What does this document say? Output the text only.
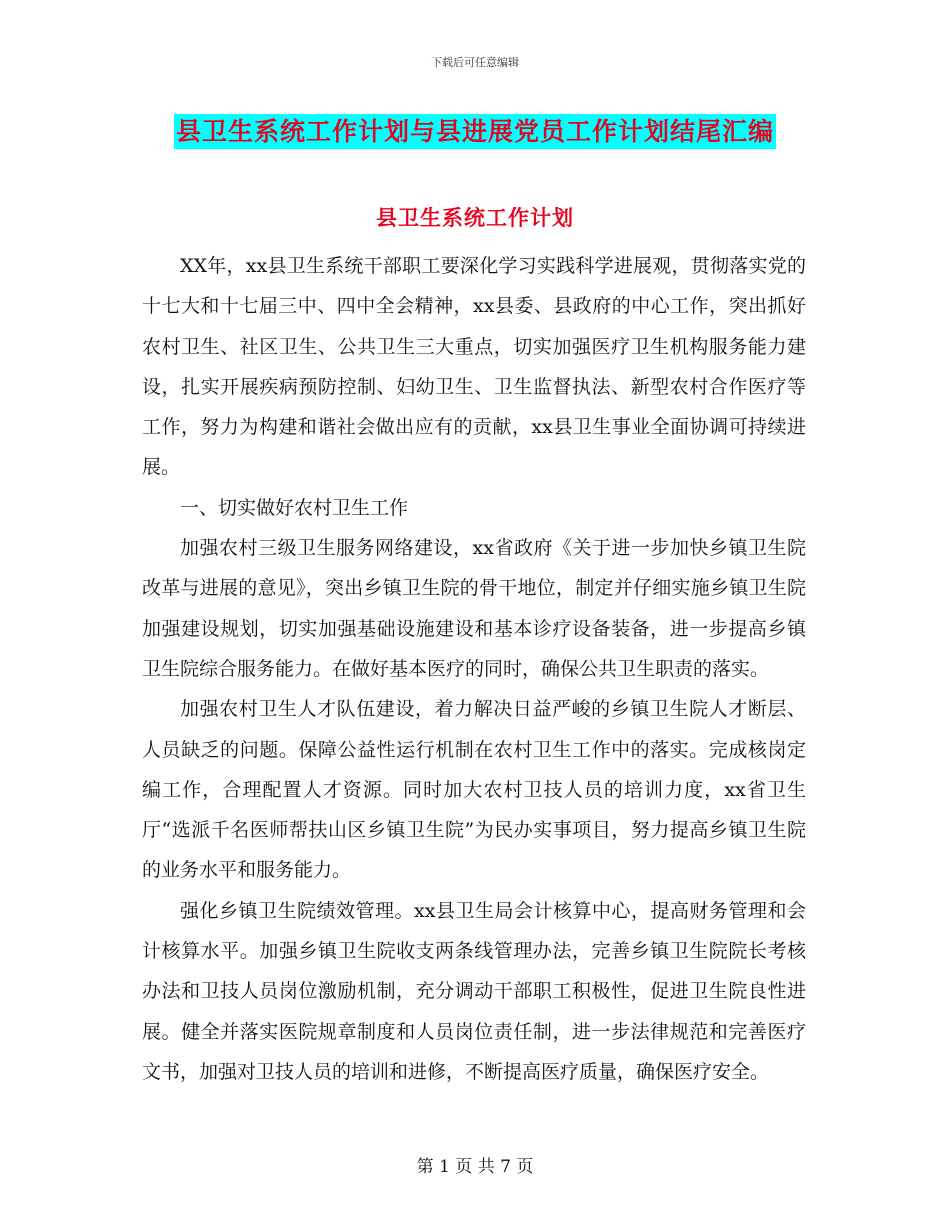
下载后可任意编辑
县卫生系统工作计划与县进展党员工作计划结尾汇编
县卫生系统工作计划

XX年，xx县卫生系统干部职工要深化学习实践科学进展观，贯彻落实党的十七大和十七届三中、四中全会精神，xx县委、县政府的中心工作，突出抓好农村卫生、社区卫生、公共卫生三大重点，切实加强医疗卫生机构服务能力建设，扎实开展疾病预防控制、妇幼卫生、卫生监督执法、新型农村合作医疗等工作，努力为构建和谐社会做出应有的贡献，xx县卫生事业全面协调可持续进展。

一、切实做好农村卫生工作

加强农村三级卫生服务网络建设，xx省政府《关于进一步加快乡镇卫生院改革与进展的意见》，突出乡镇卫生院的骨干地位，制定并仔细实施乡镇卫生院加强建设规划，切实加强基础设施建设和基本诊疗设备装备，进一步提高乡镇卫生院综合服务能力。在做好基本医疗的同时，确保公共卫生职责的落实。

加强农村卫生人才队伍建设，着力解决日益严峻的乡镇卫生院人才断层、人员缺乏的问题。保障公益性运行机制在农村卫生工作中的落实。完成核岗定编工作，合理配置人才资源。同时加大农村卫技人员的培训力度，xx省卫生厅“选派千名医师帮扶山区乡镇卫生院”为民办实事项目，努力提高乡镇卫生院的业务水平和服务能力。

强化乡镇卫生院绩效管理。xx县卫生局会计核算中心，提高财务管理和会计核算水平。加强乡镇卫生院收支两条线管理办法，完善乡镇卫生院院长考核办法和卫技人员岗位激励机制，充分调动干部职工积极性，促进卫生院良性进展。健全并落实医院规章制度和人员岗位责任制，进一步法律规范和完善医疗文书，加强对卫技人员的培训和进修，不断提高医疗质量，确保医疗安全。

第 1 页 共 7 页
